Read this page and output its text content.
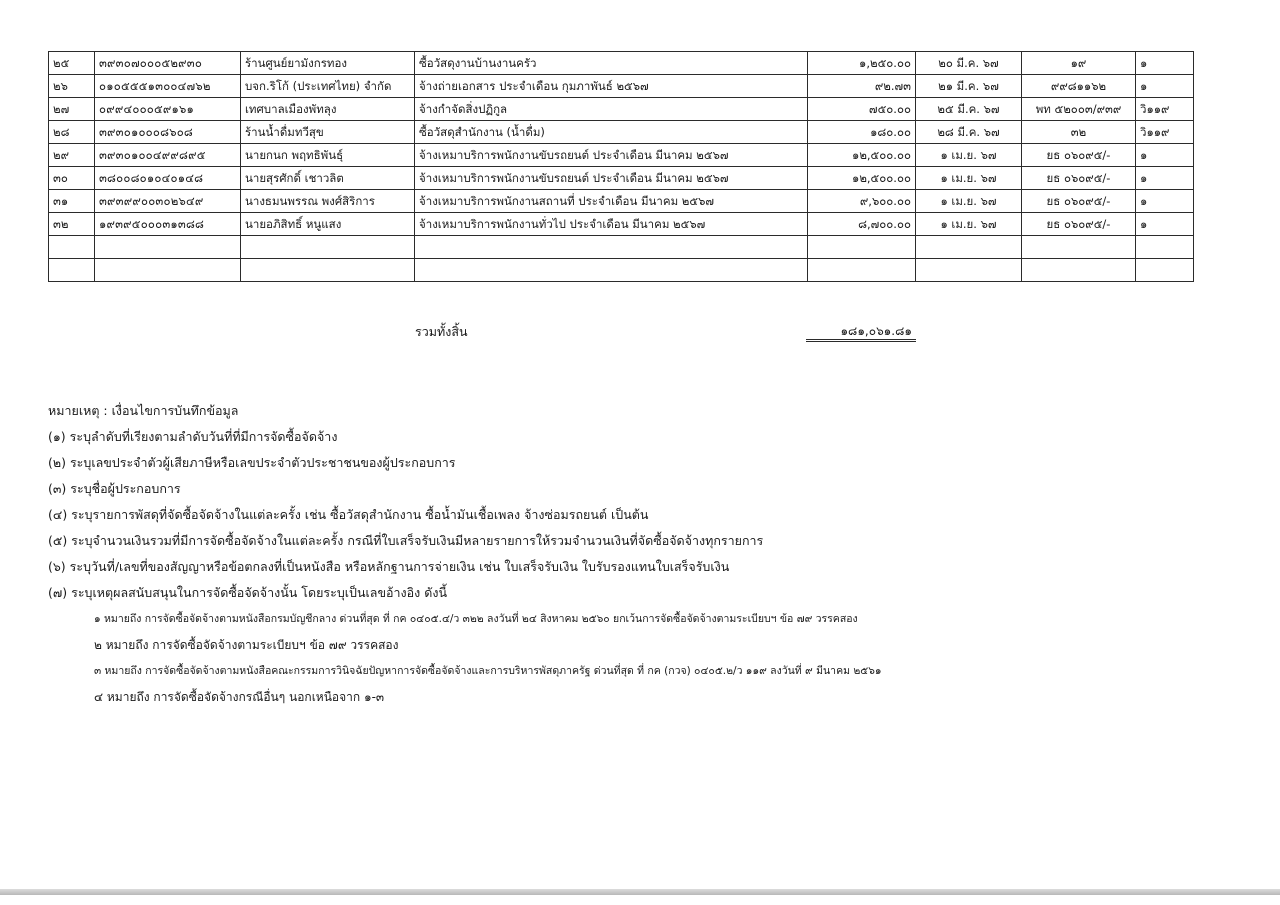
๒๕	๓๙๓๐๗๐๐๐๕๒๙๓๐	ร้านศูนย์ยามังกรทอง	ซื้อวัสดุงานบ้านงานครัว	๑,๒๕๐.๐๐	๒๐ มี.ค. ๖๗	๑๙	๑
๒๖	๐๑๐๕๕๕๑๓๐๐๔๗๖๒	บจก.ริโก้ (ประเทศไทย) จำกัด	จ้างถ่ายเอกสาร ประจำเดือน กุมภาพันธ์ ๒๕๖๗	๙๒.๗๓	๒๑ มี.ค. ๖๗	๙๙๘๑๑๖๒	๑
๒๗	๐๙๙๔๐๐๐๕๙๑๖๑	เทศบาลเมืองพัทลุง	จ้างกำจัดสิ่งปฏิกูล	๗๕๐.๐๐	๒๕ มี.ค. ๖๗	พท ๕๒๐๐๓/๙๓๙	วิ๑๑๙
๒๘	๓๙๓๐๑๐๐๐๘๖๐๘	ร้านน้ำดื่มทวีสุข	ซื้อวัสดุสำนักงาน (น้ำดื่ม)	๑๘๐.๐๐	๒๘ มี.ค. ๖๗	๓๒	วิ๑๑๙
๒๙	๓๙๓๐๑๐๐๔๙๙๘๙๕	นายกนก พฤทธิพันธุ์	จ้างเหมาบริการพนักงานขับรถยนต์ ประจำเดือน มีนาคม ๒๕๖๗	๑๒,๕๐๐.๐๐	๑ เม.ย. ๖๗	ยธ ๐๖๐๙๕/-	๑
๓๐	๓๘๐๐๘๐๑๐๔๐๑๔๘	นายสุรศักดิ์ เชาวลิต	จ้างเหมาบริการพนักงานขับรถยนต์ ประจำเดือน มีนาคม ๒๕๖๗	๑๒,๕๐๐.๐๐	๑ เม.ย. ๖๗	ยธ ๐๖๐๙๕/-	๑
๓๑	๓๙๓๙๙๐๐๓๐๒๖๔๙	นางธมนพรรณ พงศ์สิริการ	จ้างเหมาบริการพนักงานสถานที่ ประจำเดือน มีนาคม ๒๕๖๗	๙,๖๐๐.๐๐	๑ เม.ย. ๖๗	ยธ ๐๖๐๙๕/-	๑
๓๒	๑๙๓๙๕๐๐๐๓๑๓๘๘	นายอภิสิทธิ์ หนูแสง	จ้างเหมาบริการพนักงานทั่วไป ประจำเดือน มีนาคม ๒๕๖๗	๘,๗๐๐.๐๐	๑ เม.ย. ๖๗	ยธ ๐๖๐๙๕/-	๑

รวมทั้งสิ้น	๑๘๑,๐๖๑.๘๑
หมายเหตุ : เงื่อนไขการบันทึกข้อมูล
(๑) ระบุลำดับที่เรียงตามลำดับวันที่ที่มีการจัดซื้อจัดจ้าง
(๒) ระบุเลขประจำตัวผู้เสียภาษีหรือเลขประจำตัวประชาชนของผู้ประกอบการ
(๓) ระบุชื่อผู้ประกอบการ
(๔) ระบุรายการพัสดุที่จัดซื้อจัดจ้างในแต่ละครั้ง เช่น ซื้อวัสดุสำนักงาน ซื้อน้ำมันเชื้อเพลง จ้างซ่อมรถยนต์ เป็นต้น
(๕) ระบุจำนวนเงินรวมที่มีการจัดซื้อจัดจ้างในแต่ละครั้ง กรณีที่ใบเสร็จรับเงินมีหลายรายการให้รวมจำนวนเงินที่จัดซื้อจัดจ้างทุกรายการ
(๖) ระบุวันที่/เลขที่ของสัญญาหรือข้อตกลงที่เป็นหนังสือ หรือหลักฐานการจ่ายเงิน เช่น ใบเสร็จรับเงิน ใบรับรองแทนใบเสร็จรับเงิน
(๗) ระบุเหตุผลสนับสนุนในการจัดซื้อจัดจ้างนั้น โดยระบุเป็นเลขอ้างอิง ดังนี้
๑ หมายถึง การจัดซื้อจัดจ้างตามหนังสือกรมบัญชีกลาง ด่วนที่สุด ที่ กค ๐๔๐๕.๔/ว ๓๒๒ ลงวันที่ ๒๔ สิงหาคม ๒๕๖๐ ยกเว้นการจัดซื้อจัดจ้างตามระเบียบฯ ข้อ ๗๙ วรรคสอง
๒ หมายถึง การจัดซื้อจัดจ้างตามระเบียบฯ ข้อ ๗๙ วรรคสอง
๓ หมายถึง การจัดซื้อจัดจ้างตามหนังสือคณะกรรมการวินิจฉัยปัญหาการจัดซื้อจัดจ้างและการบริหารพัสดุภาครัฐ ด่วนที่สุด ที่ กค (กวจ) ๐๔๐๕.๒/ว ๑๑๙ ลงวันที่ ๙ มีนาคม ๒๕๖๑
๔ หมายถึง การจัดซื้อจัดจ้างกรณีอื่นๆ นอกเหนือจาก ๑-๓
